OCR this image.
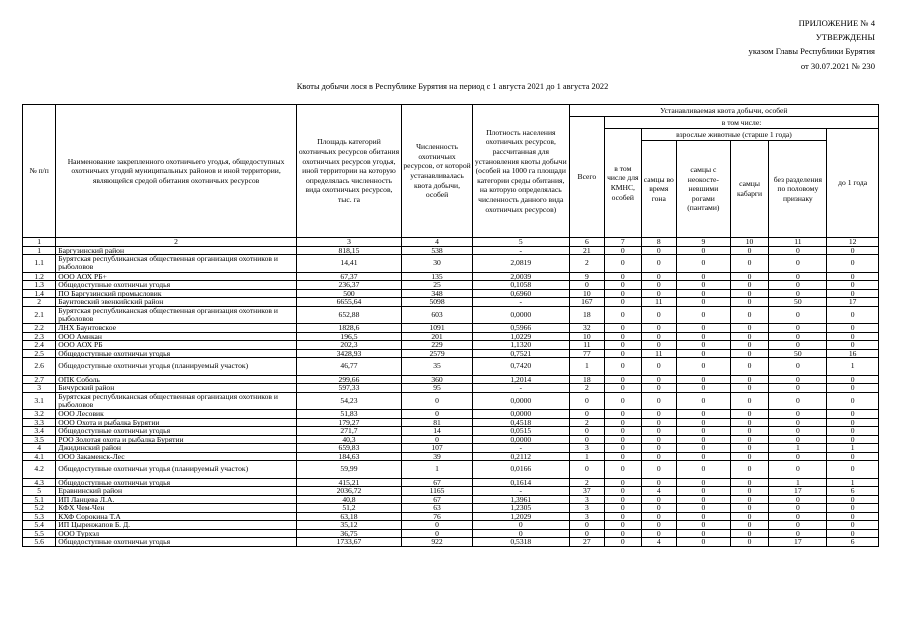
ПРИЛОЖЕНИЕ № 4
УТВЕРЖДЕНЫ
указом Главы Республики Бурятия
от 30.07.2021 № 230
Квоты добычи лося в Республике Бурятия на период с 1 августа 2021 до 1 августа 2022
№ п/п	Наименование закрепленного охотничьего угодья, общедоступных охотничьих угодий муниципальных районов и иной территории, являющейся средой обитания охотничьих ресурсов	Площадь категорий охотничьих ресурсов обитания охотничьих ресурсов угодья, иной территории на которую определялась численность вида охотничьих ресурсов, тыс. га	Численность охотничьих ресурсов, от которой устанавливалась квота добычи, особей	Плотность населения охотничьих ресурсов, рассчитанная для установления квоты добычи (особей на 1000 га площади категории среды обитания, на которую определялась численность данного вида охотничьих ресурсов)	Устанавливаемая квота добычи, особей						
					Всего	в том числе:					
						в том числе для КМНС, особей	взрослые животные (старше 1 года)				до 1 года
							самцы во время гона	самцы с неокосте-невшими рогами (пантами)	самцы кабарги	без разделения по половому признаку	
1	2	3	4	5	6	7	8	9	10	11	12
1	Баргузинский район	818,15	538	-	21	0	0	0	0	0	0
1.1	Бурятская республиканская общественная организация охотников и рыболовов	14,41	30	2,0819	2	0	0	0	0	0	0
1.2	ООО АОХ РБ+	67,37	135	2,0039	9	0	0	0	0	0	0
1.3	Общедоступные охотничьи угодья	236,37	25	0,1058	0	0	0	0	0	0	0
1.4	ПО Баргузинский промысловик	500	348	0,6960	10	0	0	0	0	0	0
2	Баунтовский эвенкийский район	6655,64	5098	-	167	0	11	0	0	50	17
2.1	Бурятская республиканская общественная организация охотников и рыболовов	652,88	603	0,0000	18	0	0	0	0	0	0
2.2	ЛНХ Баунтовское	1828,6	1091	0,5966	32	0	0	0	0	0	0
2.3	ООО Амнкан	196,5	201	1,0229	10	0	0	0	0	0	0
2.4	ООО АОХ РБ	202,3	229	1,1320	11	0	0	0	0	0	0
2.5	Общедоступные охотничьи угодья	3428,93	2579	0,7521	77	0	11	0	0	50	16
2.6	Общедоступные охотничьи угодья (планируемый участок)	46,77	35	0,7420	1	0	0	0	0	0	1
2.7	ОПК Соболь	299,66	360	1,2014	18	0	0	0	0	0	0
3	Бичурский район	597,33	95	-	2	0	0	0	0	0	0
3.1	Бурятская республиканская общественная организация охотников и рыболовов	54,23	0	0,0000	0	0	0	0	0	0	0
3.2	ООО Лесовик	51,83	0	0,0000	0	0	0	0	0	0	0
3.3	ООО Охота и рыбалка Бурятии	179,27	81	0,4518	2	0	0	0	0	0	0
3.4	Общедоступные охотничьи угодья	271,7	14	0,0515	0	0	0	0	0	0	0
3.5	РОО Золотая охота и рыбалка Бурятии	40,3	0	0,0000	0	0	0	0	0	0	0
4	Джидинский район	659,83	107	-	3	0	0	0	0	1	1
4.1	ООО Закаменск-Лес	184,63	39	0,2112	1	0	0	0	0	0	0
4.2	Общедоступные охотничьи угодья (планируемый участок)	59,99	1	0,0166	0	0	0	0	0	0	0
4.3	Общедоступные охотничьи угодья	415,21	67	0,1614	2	0	0	0	0	1	1
5	Еравнинский район	2036,72	1165	-	37	0	4	0	0	17	6
5.1	ИП Ланцева Л.А.	40,8	67	1,3961	3	0	0	0	0	0	0
5.2	КФХ Чем-Чен	51,2	63	1,2305	3	0	0	0	0	0	0
5.3	КХФ Сорокина Т.А	63,18	76	1,2029	3	0	0	0	0	0	0
5.4	ИП Цыренжапов Б. Д.	35,12	0	0	0	0	0	0	0	0	0
5.5	ООО Турхэл	36,75	0	0	0	0	0	0	0	0	0
5.6	Общедоступные охотничьи угодья	1733,67	922	0,5318	27	0	4	0	0	17	6
